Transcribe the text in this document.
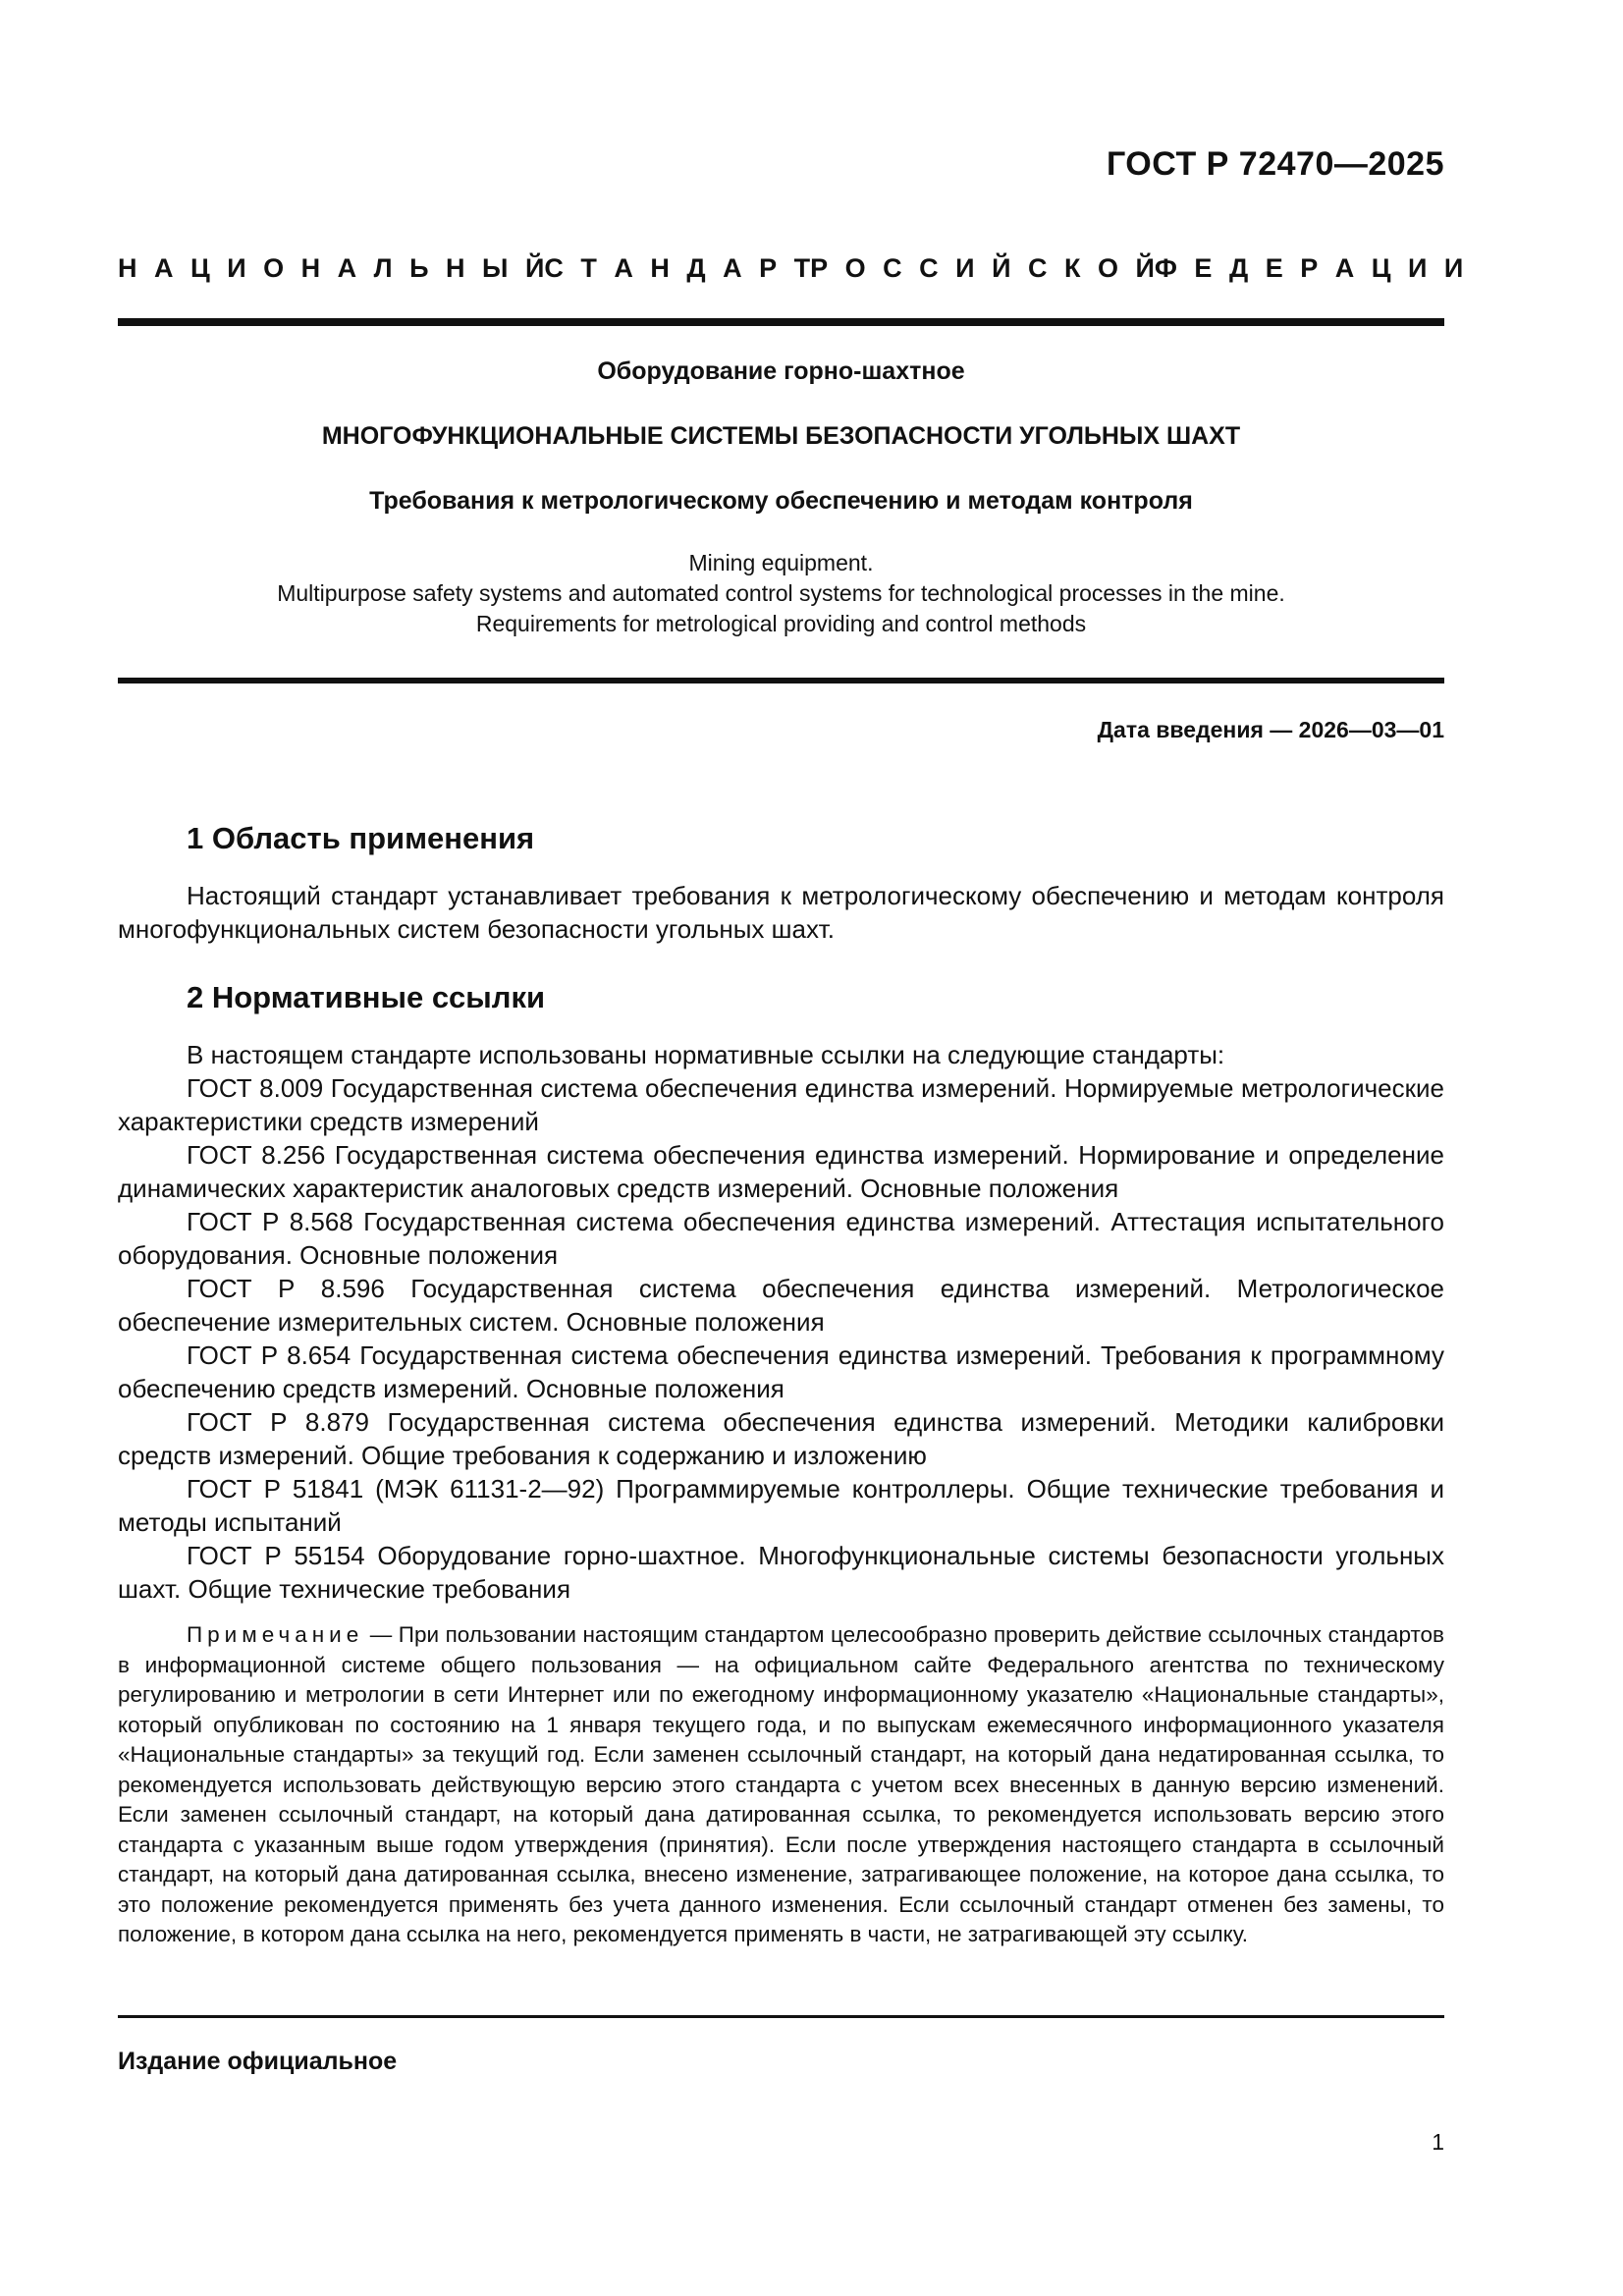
ГОСТ Р 72470—2025
Н А Ц И О Н А Л Ь Н Ы Й С Т А Н Д А Р Т Р О С С И Й С К О Й Ф Е Д Е Р А Ц И И
Оборудование горно-шахтное
МНОГОФУНКЦИОНАЛЬНЫЕ СИСТЕМЫ БЕЗОПАСНОСТИ УГОЛЬНЫХ ШАХТ
Требования к метрологическому обеспечению и методам контроля
Mining equipment.
Multipurpose safety systems and automated control systems for technological processes in the mine.
Requirements for metrological providing and control methods
Дата введения — 2026—03—01
1 Область применения

Настоящий стандарт устанавливает требования к метрологическому обеспечению и методам контроля многофункциональных систем безопасности угольных шахт.

2 Нормативные ссылки

В настоящем стандарте использованы нормативные ссылки на следующие стандарты:

ГОСТ 8.009 Государственная система обеспечения единства измерений. Нормируемые метрологические характеристики средств измерений

ГОСТ 8.256 Государственная система обеспечения единства измерений. Нормирование и определение динамических характеристик аналоговых средств измерений. Основные положения

ГОСТ Р 8.568 Государственная система обеспечения единства измерений. Аттестация испытательного оборудования. Основные положения

ГОСТ Р 8.596 Государственная система обеспечения единства измерений. Метрологическое обеспечение измерительных систем. Основные положения

ГОСТ Р 8.654 Государственная система обеспечения единства измерений. Требования к программному обеспечению средств измерений. Основные положения

ГОСТ Р 8.879 Государственная система обеспечения единства измерений. Методики калибровки средств измерений. Общие требования к содержанию и изложению

ГОСТ Р 51841 (МЭК 61131-2—92) Программируемые контроллеры. Общие технические требования и методы испытаний

ГОСТ Р 55154 Оборудование горно-шахтное. Многофункциональные системы безопасности угольных шахт. Общие технические требования

Примечание — При пользовании настоящим стандартом целесообразно проверить действие ссылочных стандартов в информационной системе общего пользования — на официальном сайте Федерального агентства по техническому регулированию и метрологии в сети Интернет или по ежегодному информационному указателю «Национальные стандарты», который опубликован по состоянию на 1 января текущего года, и по выпускам ежемесячного информационного указателя «Национальные стандарты» за текущий год. Если заменен ссылочный стандарт, на который дана недатированная ссылка, то рекомендуется использовать действующую версию этого стандарта с учетом всех внесенных в данную версию изменений. Если заменен ссылочный стандарт, на который дана датированная ссылка, то рекомендуется использовать версию этого стандарта с указанным выше годом утверждения (принятия). Если после утверждения настоящего стандарта в ссылочный стандарт, на который дана датированная ссылка, внесено изменение, затрагивающее положение, на которое дана ссылка, то это положение рекомендуется применять без учета данного изменения. Если ссылочный стандарт отменен без замены, то положение, в котором дана ссылка на него, рекомендуется применять в части, не затрагивающей эту ссылку.

Издание официальное
1
